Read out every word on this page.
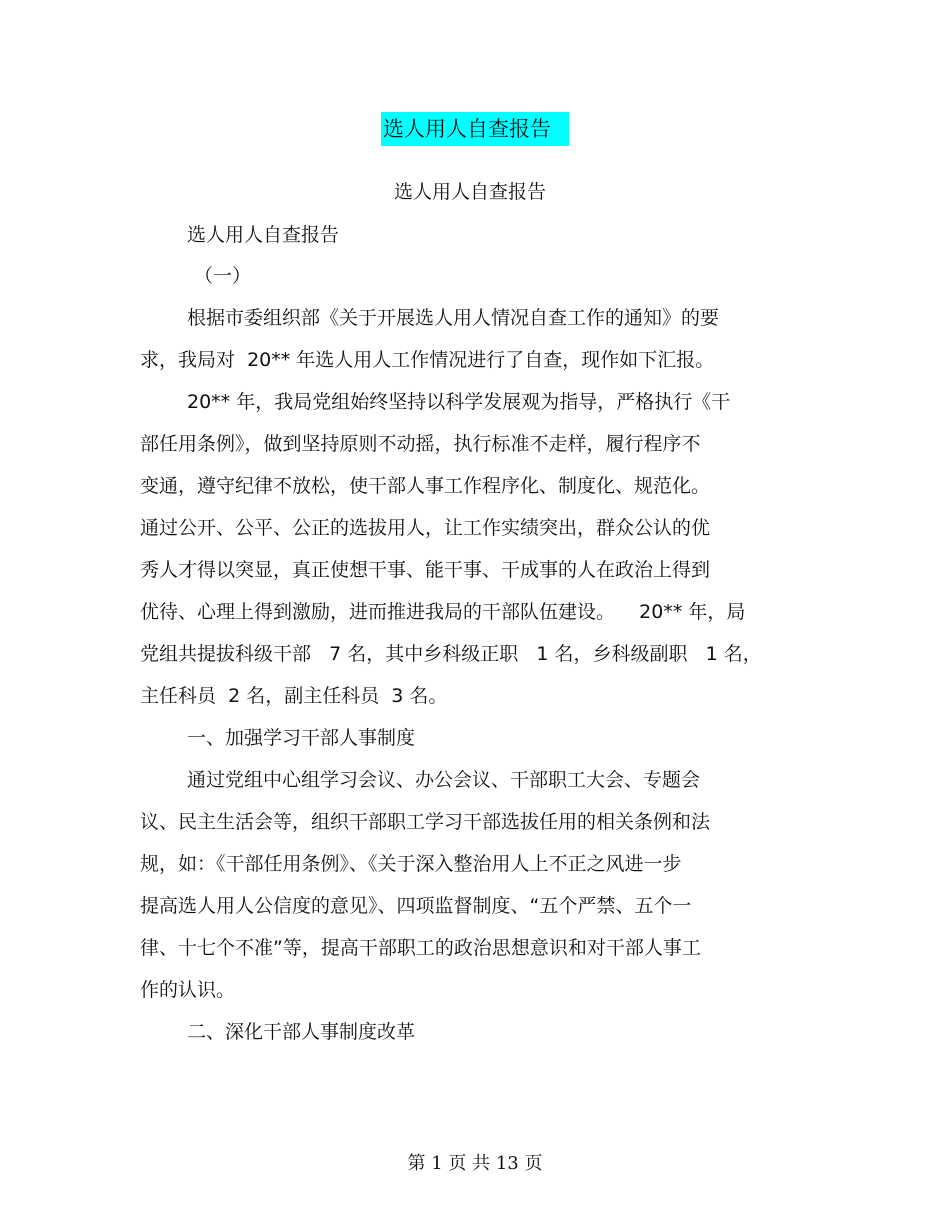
选人用人自查报告
选人用人自查报告
选人用人自查报告
（一）
根据市委组织部《关于开展选人用人情况自查工作的通知》的要
求，我局对  20** 年选人用人工作情况进行了自查，现作如下汇报。
20** 年，我局党组始终坚持以科学发展观为指导，严格执行《干
部任用条例》，做到坚持原则不动摇，执行标准不走样，履行程序不
变通，遵守纪律不放松，使干部人事工作程序化、制度化、规范化。
通过公开、公平、公正的选拔用人，让工作实绩突出，群众公认的优
秀人才得以突显，真正使想干事、能干事、干成事的人在政治上得到
优待、心理上得到激励，进而推进我局的干部队伍建设。    20** 年，局
党组共提拔科级干部   7 名，其中乡科级正职   1 名，乡科级副职   1 名，
主任科员  2 名，副主任科员  3 名。
一、加强学习干部人事制度
通过党组中心组学习会议、办公会议、干部职工大会、专题会
议、民主生活会等，组织干部职工学习干部选拔任用的相关条例和法
规，如：《干部任用条例》、《关于深入整治用人上不正之风进一步
提高选人用人公信度的意见》、四项监督制度、“五个严禁、五个一
律、十七个不准”等，提高干部职工的政治思想意识和对干部人事工
作的认识。
二、深化干部人事制度改革
第 1 页 共 13 页
